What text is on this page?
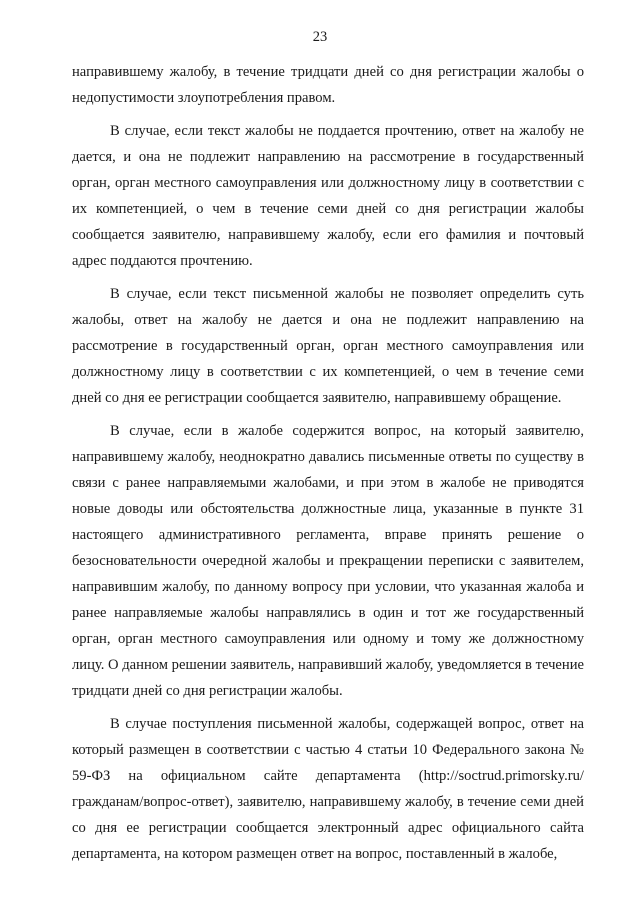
23

направившему жалобу, в течение тридцати дней со дня регистрации жалобы о недопустимости злоупотребления правом.

В случае, если текст жалобы не поддается прочтению, ответ на жалобу не дается, и она не подлежит направлению на рассмотрение в государственный орган, орган местного самоуправления или должностному лицу в соответствии с их компетенцией, о чем в течение семи дней со дня регистрации жалобы сообщается заявителю, направившему жалобу, если его фамилия и почтовый адрес поддаются прочтению.

В случае, если текст письменной жалобы не позволяет определить суть жалобы, ответ на жалобу не дается и она не подлежит направлению на рассмотрение в государственный орган, орган местного самоуправления или должностному лицу в соответствии с их компетенцией, о чем в течение семи дней со дня ее регистрации сообщается заявителю, направившему обращение.

В случае, если в жалобе содержится вопрос, на который заявителю, направившему жалобу, неоднократно давались письменные ответы по существу в связи с ранее направляемыми жалобами, и при этом в жалобе не приводятся новые доводы или обстоятельства должностные лица, указанные в пункте 31 настоящего административного регламента, вправе принять решение о безосновательности очередной жалобы и прекращении переписки с заявителем, направившим жалобу, по данному вопросу при условии, что указанная жалоба и ранее направляемые жалобы направлялись в один и тот же государственный орган, орган местного самоуправления или одному и тому же должностному лицу. О данном решении заявитель, направивший жалобу, уведомляется в течение тридцати дней со дня регистрации жалобы.

В случае поступления письменной жалобы, содержащей вопрос, ответ на который размещен в соответствии с частью 4 статьи 10 Федерального закона № 59-ФЗ на официальном сайте департамента (http://soctrud.primorsky.ru/ гражданам/вопрос-ответ), заявителю, направившему жалобу, в течение семи дней со дня ее регистрации сообщается электронный адрес официального сайта департамента, на котором размещен ответ на вопрос, поставленный в жалобе,
